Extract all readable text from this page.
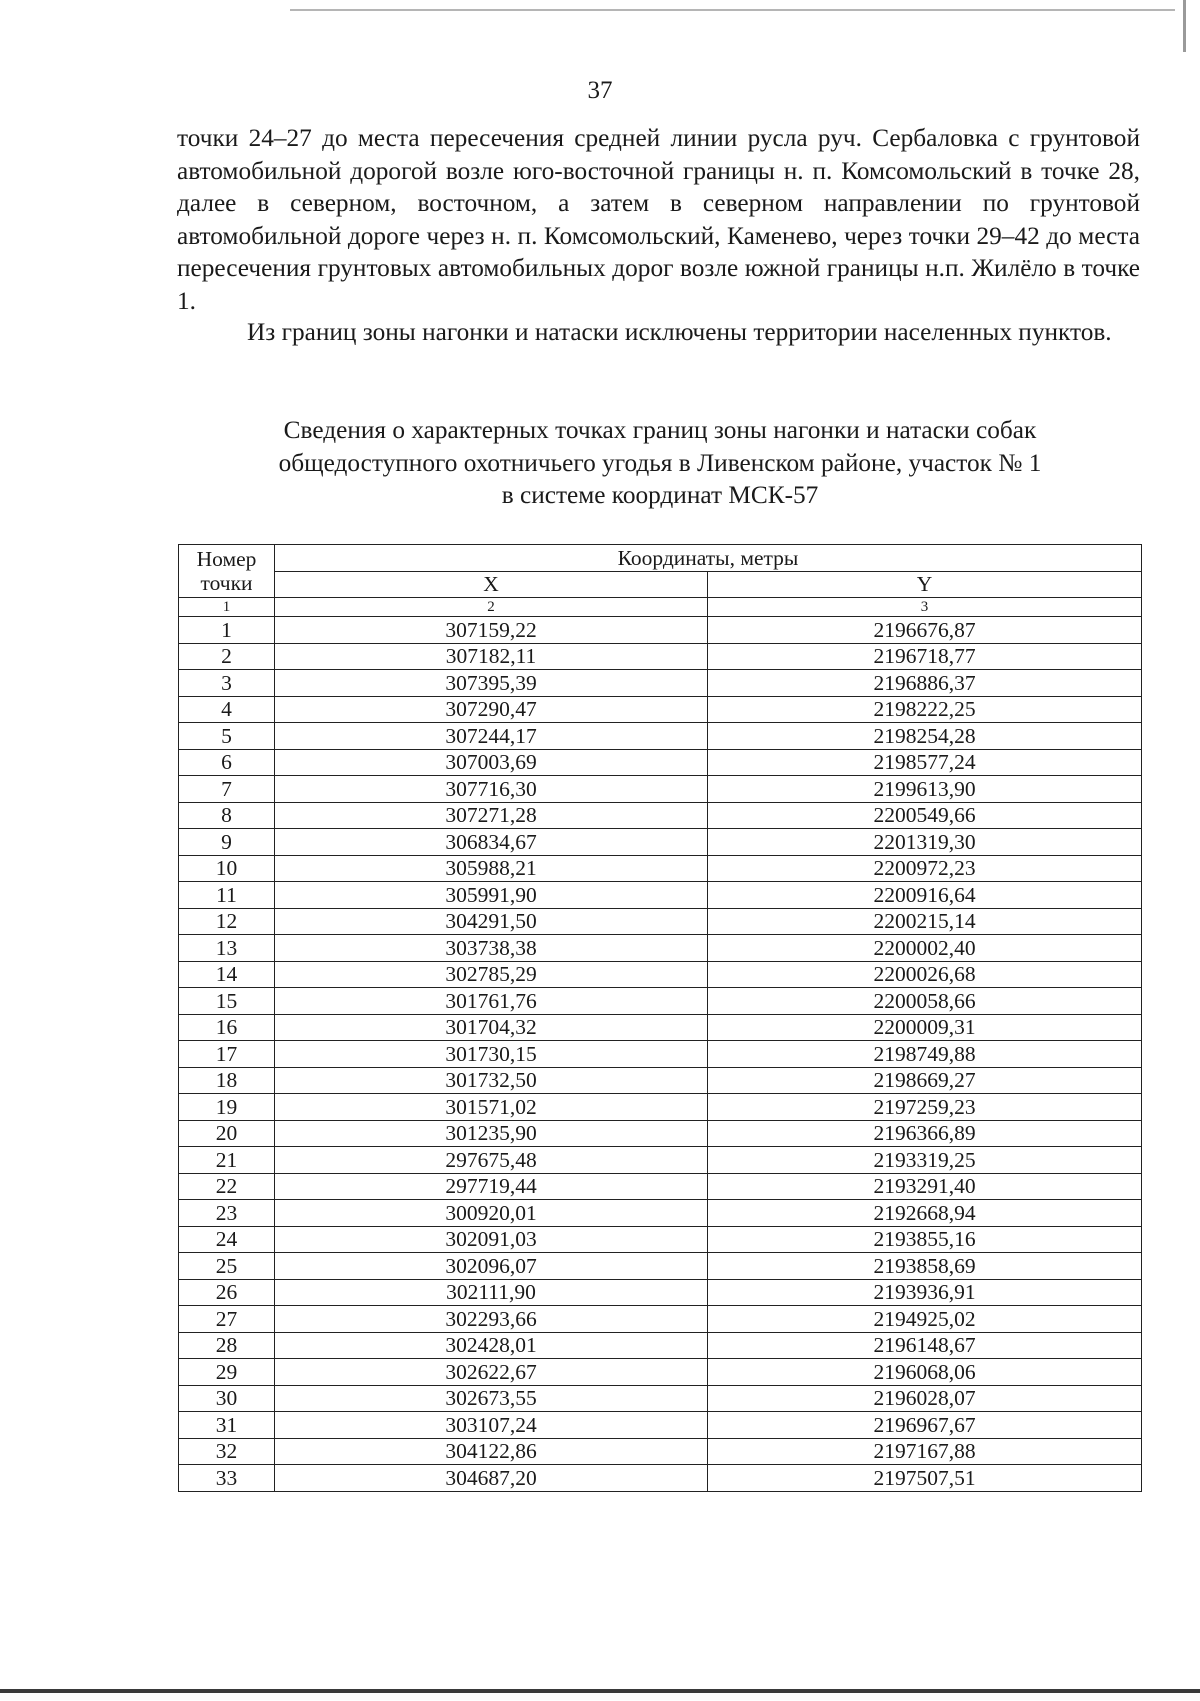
37

точки 24–27 до места пересечения средней линии русла руч. Сербаловка с грунтовой автомобильной дорогой возле юго-восточной границы н. п. Комсомольский в точке 28, далее в северном, восточном, а затем в северном направлении по грунтовой автомобильной дороге через н. п. Комсомольский, Каменево, через точки 29–42 до места пересечения грунтовых автомобильных дорог возле южной границы н.п. Жилёло в точке 1.

Из границ зоны нагонки и натаски исключены территории населенных пунктов.

Сведения о характерных точках границ зоны нагонки и натаски собак
общедоступного охотничьего угодья в Ливенском районе, участок № 1
в системе координат МСК-57
Номер
точки	Координаты, метры	
	X	Y
1	2	3
1	307159,22	2196676,87
2	307182,11	2196718,77
3	307395,39	2196886,37
4	307290,47	2198222,25
5	307244,17	2198254,28
6	307003,69	2198577,24
7	307716,30	2199613,90
8	307271,28	2200549,66
9	306834,67	2201319,30
10	305988,21	2200972,23
11	305991,90	2200916,64
12	304291,50	2200215,14
13	303738,38	2200002,40
14	302785,29	2200026,68
15	301761,76	2200058,66
16	301704,32	2200009,31
17	301730,15	2198749,88
18	301732,50	2198669,27
19	301571,02	2197259,23
20	301235,90	2196366,89
21	297675,48	2193319,25
22	297719,44	2193291,40
23	300920,01	2192668,94
24	302091,03	2193855,16
25	302096,07	2193858,69
26	302111,90	2193936,91
27	302293,66	2194925,02
28	302428,01	2196148,67
29	302622,67	2196068,06
30	302673,55	2196028,07
31	303107,24	2196967,67
32	304122,86	2197167,88
33	304687,20	2197507,51
